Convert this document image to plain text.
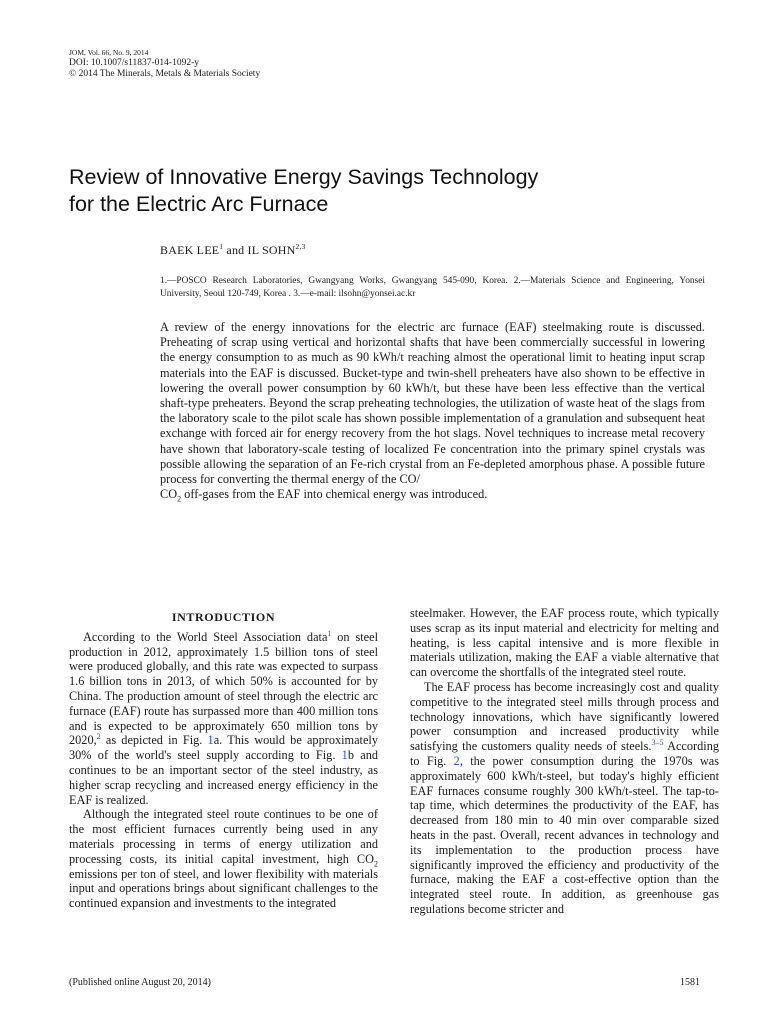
JOM, Vol. 66, No. 9, 2014
DOI: 10.1007/s11837-014-1092-y
© 2014 The Minerals, Metals & Materials Society
Review of Innovative Energy Savings Technology
for the Electric Arc Furnace
BAEK LEE$^1$ and IL SOHN$^{2,3}$
1.—POSCO Research Laboratories, Gwangyang Works, Gwangyang 545-090, Korea. 2.—Materials Science and Engineering, Yonsei University, Seoul 120-749, Korea . 3.—e-mail: ilsohn@yonsei.ac.kr
A review of the energy innovations for the electric arc furnace (EAF) steelmaking route is discussed. Preheating of scrap using vertical and horizontal shafts that have been commercially successful in lowering the energy consumption to as much as 90 kWh/t reaching almost the operational limit to heating input scrap materials into the EAF is discussed. Bucket-type and twin-shell preheaters have also shown to be effective in lowering the overall power consumption by 60 kWh/t, but these have been less effective than the vertical shaft-type preheaters. Beyond the scrap preheating technologies, the utilization of waste heat of the slags from the laboratory scale to the pilot scale has shown possible implementation of a granulation and subsequent heat exchange with forced air for energy recovery from the hot slags. Novel techniques to increase metal recovery have shown that laboratory-scale testing of localized Fe concentration into the primary spinel crystals was possible allowing the separation of an Fe-rich crystal from an Fe-depleted amorphous phase. A possible future process for converting the thermal energy of the CO/
$CO_2$ off-gases from the EAF into chemical energy was introduced.
INTRODUCTION

According to the World Steel Association data$^1$ on steel production in 2012, approximately 1.5 billion tons of steel were produced globally, and this rate was expected to surpass 1.6 billion tons in 2013, of which 50% is accounted for by China. The production amount of steel through the electric arc furnace (EAF) route has surpassed more than 400 million tons and is expected to be approximately 650 million tons by 2020,$^2$ as depicted in Fig. 1a. This would be approximately 30% of the world's steel supply according to Fig. 1b and continues to be an important sector of the steel industry, as higher scrap recycling and increased energy efficiency in the EAF is realized.

Although the integrated steel route continues to be one of the most efficient furnaces currently being used in any materials processing in terms of energy utilization and processing costs, its initial capital investment, high $CO_2$ emissions per ton of steel, and lower flexibility with materials input and operations brings about significant challenges to the continued expansion and investments to the integrated

steelmaker. However, the EAF process route, which typically uses scrap as its input material and electricity for melting and heating, is less capital intensive and is more flexible in materials utilization, making the EAF a viable alternative that can overcome the shortfalls of the integrated steel route.

The EAF process has become increasingly cost and quality competitive to the integrated steel mills through process and technology innovations, which have significantly lowered power consumption and increased productivity while satisfying the customers quality needs of steels.$^{3-5}$ According to Fig. 2, the power consumption during the 1970s was approximately 600 kWh/t-steel, but today's highly efficient EAF furnaces consume roughly 300 kWh/t-steel. The tap-to-tap time, which determines the productivity of the EAF, has decreased from 180 min to 40 min over comparable sized heats in the past. Overall, recent advances in technology and its implementation to the production process have significantly improved the efficiency and productivity of the furnace, making the EAF a cost-effective option than the integrated steel route. In addition, as greenhouse gas regulations become stricter and

(Published online August 20, 2014)	1581
